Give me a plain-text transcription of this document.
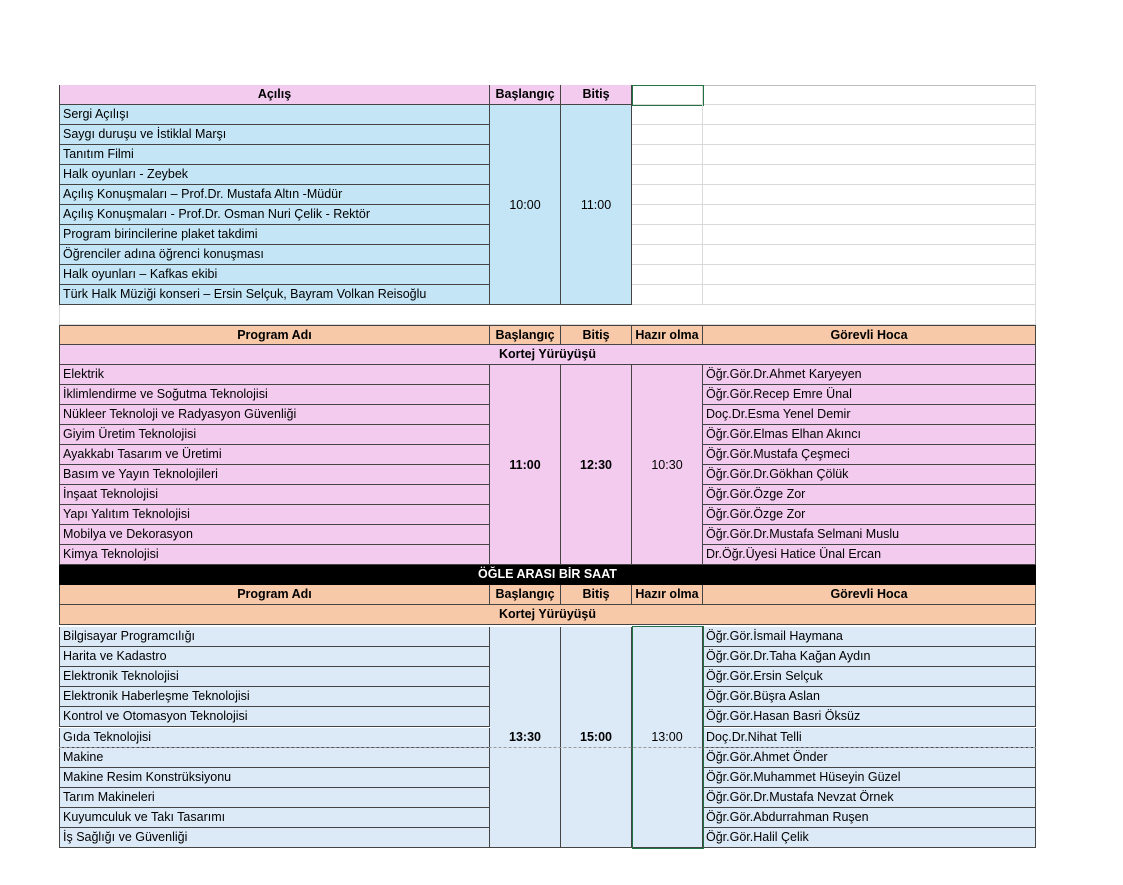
Açılış	Başlangıç	Bitiş
Sergi Açılışı
Saygı duruşu ve İstiklal Marşı
Tanıtım Filmi
Halk oyunları - Zeybek
Açılış Konuşmaları – Prof.Dr. Mustafa Altın -Müdür
Açılış Konuşmaları - Prof.Dr. Osman Nuri Çelik - Rektör
Program birincilerine plaket takdimi
Öğrenciler adına öğrenci konuşması
Halk oyunları – Kafkas ekibi
Türk Halk Müziği konseri – Ersin Selçuk, Bayram Volkan Reisoğlu
10:00	11:00
Program Adı	Başlangıç	Bitiş	Hazır olma	Görevli Hoca
Kortej Yürüyüşü
Elektrik	Öğr.Gör.Dr.Ahmet Karyeyen
İklimlendirme ve Soğutma Teknolojisi	Öğr.Gör.Recep Emre Ünal
Nükleer Teknoloji ve Radyasyon Güvenliği	Doç.Dr.Esma Yenel Demir
Giyim Üretim Teknolojisi	Öğr.Gör.Elmas Elhan Akıncı
Ayakkabı Tasarım ve Üretimi	Öğr.Gör.Mustafa Çeşmeci
Basım ve Yayın Teknolojileri	Öğr.Gör.Dr.Gökhan Çölük
İnşaat Teknolojisi	Öğr.Gör.Özge Zor
Yapı Yalıtım Teknolojisi	Öğr.Gör.Özge Zor
Mobilya ve Dekorasyon	Öğr.Gör.Dr.Mustafa Selmani Muslu
Kimya Teknolojisi	Dr.Öğr.Üyesi Hatice Ünal Ercan
11:00	12:30	10:30
ÖĞLE ARASI BİR SAAT
Program Adı	Başlangıç	Bitiş	Hazır olma	Görevli Hoca
Kortej Yürüyüşü
Bilgisayar Programcılığı	Öğr.Gör.İsmail Haymana
Harita ve Kadastro	Öğr.Gör.Dr.Taha Kağan Aydın
Elektronik Teknolojisi	Öğr.Gör.Ersin Selçuk
Elektronik Haberleşme Teknolojisi	Öğr.Gör.Büşra Aslan
Kontrol ve Otomasyon Teknolojisi	Öğr.Gör.Hasan Basri Öksüz
Gıda Teknolojisi	Doç.Dr.Nihat Telli
Makine	Öğr.Gör.Ahmet Önder
Makine Resim Konstrüksiyonu	Öğr.Gör.Muhammet Hüseyin Güzel
Tarım Makineleri	Öğr.Gör.Dr.Mustafa Nevzat Örnek
Kuyumculuk ve Takı Tasarımı	Öğr.Gör.Abdurrahman Ruşen
İş Sağlığı ve Güvenliği	Öğr.Gör.Halil Çelik
13:30	15:00	13:00
